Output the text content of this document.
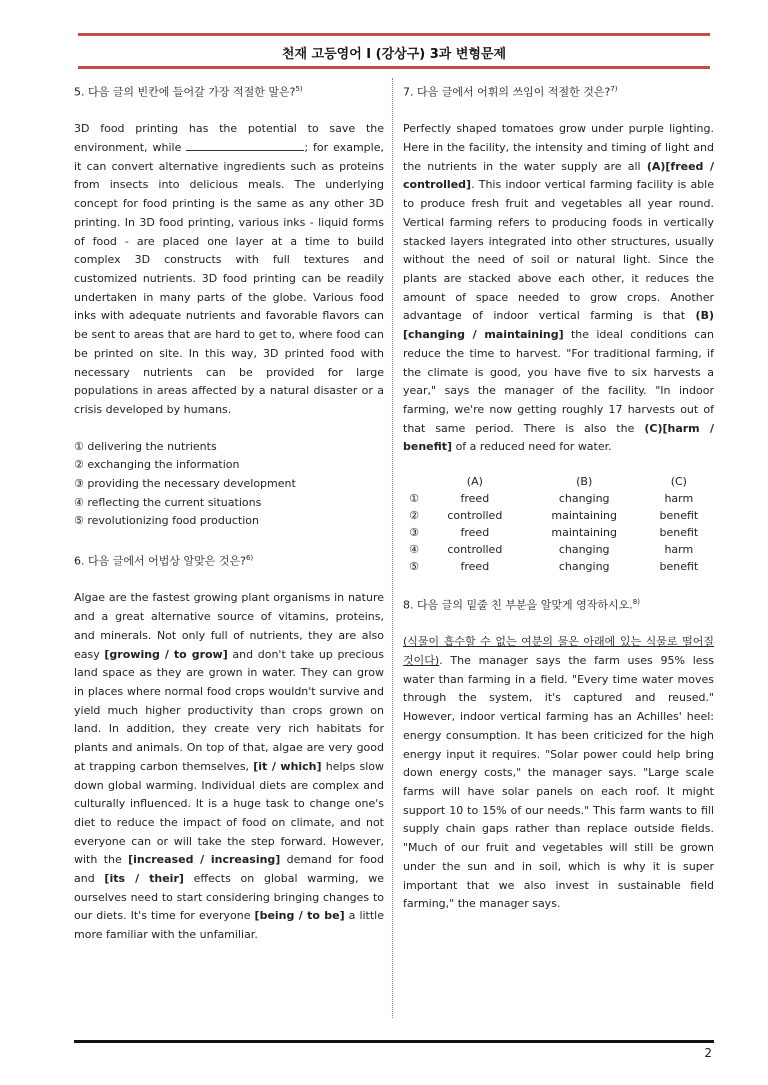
천재 고등영어 I (강상구) 3과 변형문제
5. 다음 글의 빈칸에 들어갈 가장 적절한 말은?$^{5)}$

3D food printing has the potential to save the environment, while	; for example, it can convert alternative ingredients such as proteins from insects into delicious meals. The underlying concept for food printing is the same as any other 3D printing. In 3D food printing, various inks - liquid forms of food - are placed one layer at a time to build complex 3D constructs with full textures and customized nutrients. 3D food printing can be readily undertaken in many parts of the globe. Various food inks with adequate nutrients and favorable flavors can be sent to areas that are hard to get to, where food can be printed on site. In this way, 3D printed food with necessary nutrients can be provided for large populations in areas affected by a natural disaster or a crisis developed by humans.

① delivering the nutrients
② exchanging the information
③ providing the necessary development
④ reflecting the current situations
⑤ revolutionizing food production
6. 다음 글에서 어법상 알맞은 것은?$^{6)}$

Algae are the fastest growing plant organisms in nature and a great alternative source of vitamins, proteins, and minerals. Not only full of nutrients, they are also easy [growing / to grow] and don't take up precious land space as they are grown in water. They can grow in places where normal food crops wouldn't survive and yield much higher productivity than crops grown on land. In addition, they create very rich habitats for plants and animals. On top of that, algae are very good at trapping carbon themselves, [it / which] helps slow down global warming. Individual diets are complex and culturally influenced. It is a huge task to change one's diet to reduce the impact of food on climate, and not everyone can or will take the step forward. However, with the [increased / increasing] demand for food and [its / their] effects on global warming, we ourselves need to start considering bringing changes to our diets. It's time for everyone [being / to be] a little more familiar with the unfamiliar.

7. 다음 글에서 어휘의 쓰임이 적절한 것은?$^{7)}$

Perfectly shaped tomatoes grow under purple lighting. Here in the facility, the intensity and timing of light and the nutrients in the water supply are all (A)[freed / controlled]. This indoor vertical farming facility is able to produce fresh fruit and vegetables all year round. Vertical farming refers to producing foods in vertically stacked layers integrated into other structures, usually without the need of soil or natural light. Since the plants are stacked above each other, it reduces the amount of space needed to grow crops. Another advantage of indoor vertical farming is that (B)[changing / maintaining] the ideal conditions can reduce the time to harvest. "For traditional farming, if the climate is good, you have five to six harvests a year," says the manager of the facility. "In indoor farming, we're now getting roughly 17 harvests out of that same period. There is also the (C)[harm / benefit] of a reduced need for water.

	(A)	(B)	(C)
①	freed	changing	harm
②	controlled	maintaining	benefit
③	freed	maintaining	benefit
④	controlled	changing	harm
⑤	freed	changing	benefit
8. 다음 글의 밑줄 친 부분을 알맞게 영작하시오.$^{8)}$

(식물이 흡수할 수 없는 여분의 물은 아래에 있는 식물로 떨어질 것이다). The manager says the farm uses 95% less water than farming in a field. "Every time water moves through the system, it's captured and reused." However, indoor vertical farming has an Achilles' heel: energy consumption. It has been criticized for the high energy input it requires. "Solar power could help bring down energy costs," the manager says. "Large scale farms will have solar panels on each roof. It might support 10 to 15% of our needs." This farm wants to fill supply chain gaps rather than replace outside fields. "Much of our fruit and vegetables will still be grown under the sun and in soil, which is why it is super important that we also invest in sustainable field farming," the manager says.

2
